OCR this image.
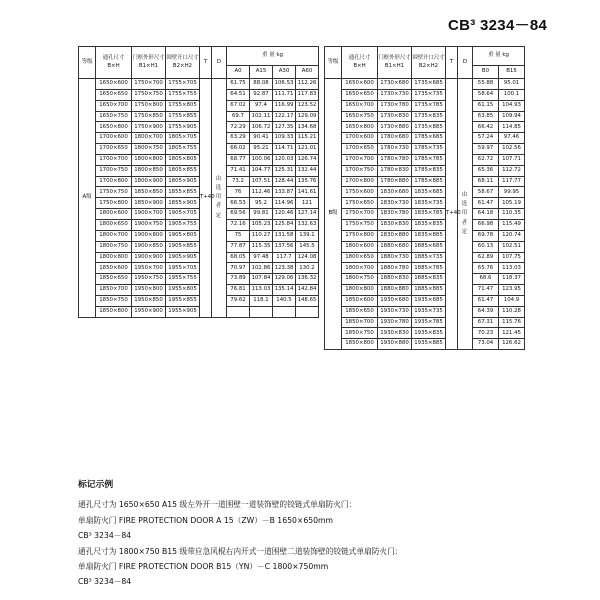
CB³ 3234－84
等级	通孔尺寸 B×H	门框外形尺寸 B1×H1	围壁开口尺寸 B2×H2	T	D	重 量 kg			
						A0	A15	A30	A60
A级	1650×600	1750×700	1755×705	T+40	由 选 用 者 定	61.75	88.08	106.53	112.26
	1650×650	1750×750	1755×755			64.51	92.87	111.71	117.83
	1650×700	1750×800	1755×805			67.02	97.4	116.99	123.52
	1650×750	1750×850	1755×855			69.7	102.11	122.17	129.09
	1650×800	1750×900	1755×905			72.29	106.72	127.35	134.68
	1700×600	1800×700	1805×705			63.29	90.41	109.33	115.21
	1700×650	1800×750	1805×755			66.02	95.21	114.71	121.01
	1700×700	1800×800	1805×805			68.77	100.06	120.03	126.74
	1700×750	1800×850	1805×855			71.41	104.77	125.31	132.44
	1700×800	1800×900	1805×905			73.2	107.51	128.44	135.76
	1750×750	1850×850	1855×855			76	112.46	133.87	141.61
	1750×800	1850×900	1855×905			66.53	95.2	114.96	121
	1800×600	1900×700	1905×705			69.56	99.81	120.46	127.14
	1800×650	1900×750	1905×755			72.16	105.23	125.84	132.63
	1800×700	1900×800	1905×805			75	110.27	131.58	139.1
	1800×750	1900×850	1905×855			77.87	115.35	137.56	145.5
	1800×800	1900×900	1905×905			68.05	97.48	117.7	124.08
	1850×600	1950×700	1955×705			70.97	102.86	123.38	130.2
	1850×650	1950×750	1955×755			73.89	107.84	129.06	136.32
	1850×700	1950×800	1955×805			76.81	113.03	135.14	142.84
	1850×750	1950×850	1955×855			79.62	118.1	140.5	148.65
	1850×800	1950×900	1955×905						
等级	通孔尺寸 B×H	门框外形尺寸 B1×H1	围壁开口尺寸 B2×H2	T	D	重 量 kg	
						B0	B15
B级	1650×600	1730×680	1735×685	T+40	由 选 用 者 定	55.88	95.01
	1650×650	1730×730	1735×735			58.64	100.1
	1650×700	1730×780	1735×785			61.15	104.93
	1650×750	1730×830	1735×835			63.85	109.94
	1650×800	1730×880	1735×885			66.42	114.85
	1700×600	1780×680	1785×685			57.24	97.46
	1700×650	1780×730	1785×735			59.97	102.56
	1700×700	1780×780	1785×785			62.72	107.71
	1700×750	1780×830	1785×835			65.36	112.72
	1700×800	1780×880	1785×885			68.11	117.77
	1750×600	1830×680	1835×685			58.67	99.95
	1750×650	1830×730	1835×735			61.47	105.19
	1750×700	1830×780	1835×785			64.18	110.35
	1750×750	1830×830	1835×835			66.98	115.49
	1750×800	1830×880	1835×885			69.78	120.74
	1800×600	1880×680	1885×685			60.13	102.51
	1800×650	1880×730	1885×735			62.89	107.75
	1800×700	1880×780	1885×785			65.76	113.03
	1800×750	1880×830	1885×835			68.6	118.37
	1800×800	1880×880	1885×885			71.47	123.95
	1850×600	1930×680	1935×685			61.47	104.9
	1850×650	1930×730	1935×735			64.39	110.28
	1850×700	1930×780	1935×785			67.31	115.76
	1850×750	1930×830	1935×835			70.23	121.45
	1850×800	1930×880	1935×885			73.04	126.62
标记示例
通孔尺寸为 1650×650 A15 级左外开一道围壁一道装饰壁的铰链式单扇防火门：
单扇防火门 FIRE PROTECTION DOOR A 15（ZW）－B 1650×650mm
CB³ 3234－84
通孔尺寸为 1800×750 B15 级带应急风棍右内开式一道围壁二道装饰壁的铰链式单扇防火门：
单扇防火门 FIRE PROTECTION DOOR B15（YN）－C 1800×750mm
CB³ 3234－84
